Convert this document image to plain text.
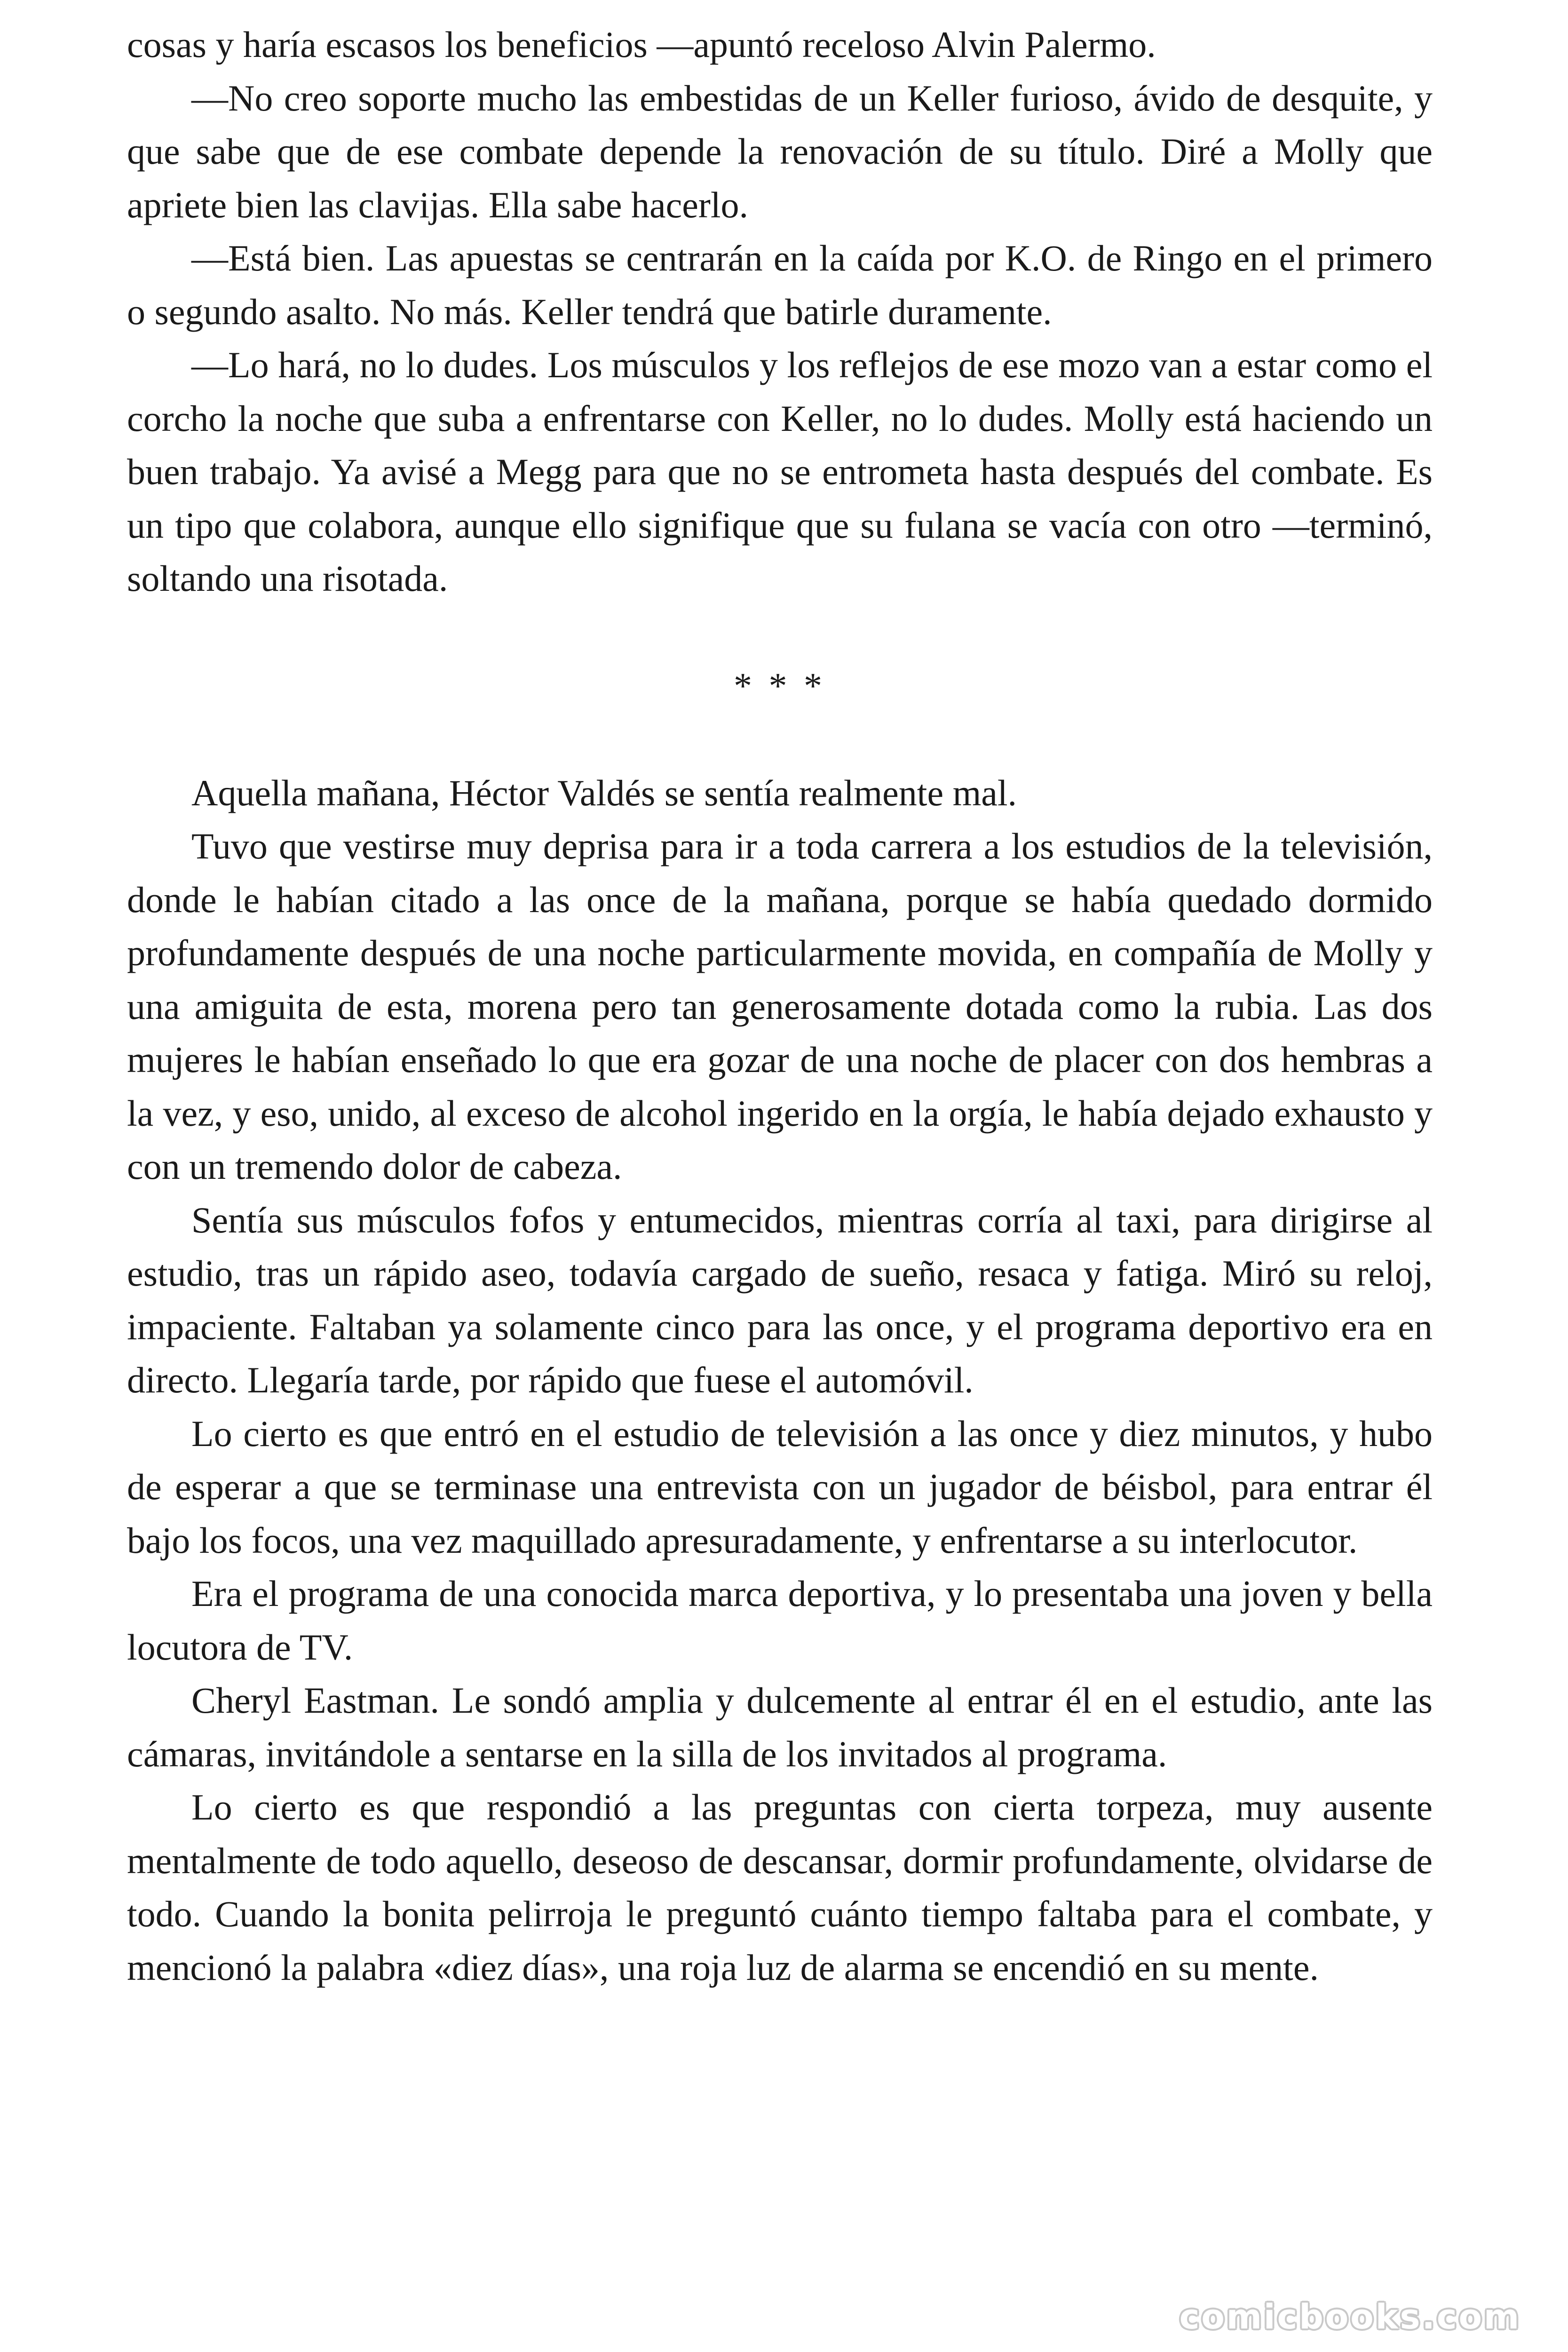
cosas y haría escasos los beneficios —apuntó receloso Alvin Palermo.

—No creo soporte mucho las embestidas de un Keller furioso, ávido de desquite, y que sabe que de ese combate depende la renovación de su título. Diré a Molly que apriete bien las clavijas. Ella sabe hacerlo.

—Está bien. Las apuestas se centrarán en la caída por K.O. de Ringo en el primero o segundo asalto. No más. Keller tendrá que batirle duramente.

—Lo hará, no lo dudes. Los músculos y los reflejos de ese mozo van a estar como el corcho la noche que suba a enfrentarse con Keller, no lo dudes. Molly está haciendo un buen trabajo. Ya avisé a Megg para que no se entrometa hasta después del combate. Es un tipo que colabora, aunque ello signifique que su fulana se vacía con otro —terminó, soltando una risotada.

* * *

Aquella mañana, Héctor Valdés se sentía realmente mal.

Tuvo que vestirse muy deprisa para ir a toda carrera a los estudios de la televisión, donde le habían citado a las once de la mañana, porque se había quedado dormido profundamente después de una noche particularmente movida, en compañía de Molly y una amiguita de esta, morena pero tan generosamente dotada como la rubia. Las dos mujeres le habían enseñado lo que era gozar de una noche de placer con dos hembras a la vez, y eso, unido, al exceso de alcohol ingerido en la orgía, le había dejado exhausto y con un tremendo dolor de cabeza.

Sentía sus músculos fofos y entumecidos, mientras corría al taxi, para dirigirse al estudio, tras un rápido aseo, todavía cargado de sueño, resaca y fatiga. Miró su reloj, impaciente. Faltaban ya solamente cinco para las once, y el programa deportivo era en directo. Llegaría tarde, por rápido que fuese el automóvil.

Lo cierto es que entró en el estudio de televisión a las once y diez minutos, y hubo de esperar a que se terminase una entrevista con un jugador de béisbol, para entrar él bajo los focos, una vez maquillado apresuradamente, y enfrentarse a su interlocutor.

Era el programa de una conocida marca deportiva, y lo presentaba una joven y bella locutora de TV.

Cheryl Eastman. Le sondó amplia y dulcemente al entrar él en el estudio, ante las cámaras, invitándole a sentarse en la silla de los invitados al programa.

Lo cierto es que respondió a las preguntas con cierta torpeza, muy ausente mentalmente de todo aquello, deseoso de descansar, dormir profundamente, olvidarse de todo. Cuando la bonita pelirroja le preguntó cuánto tiempo faltaba para el combate, y mencionó la palabra «diez días», una roja luz de alarma se encendió en su mente.

comicbooks.com
